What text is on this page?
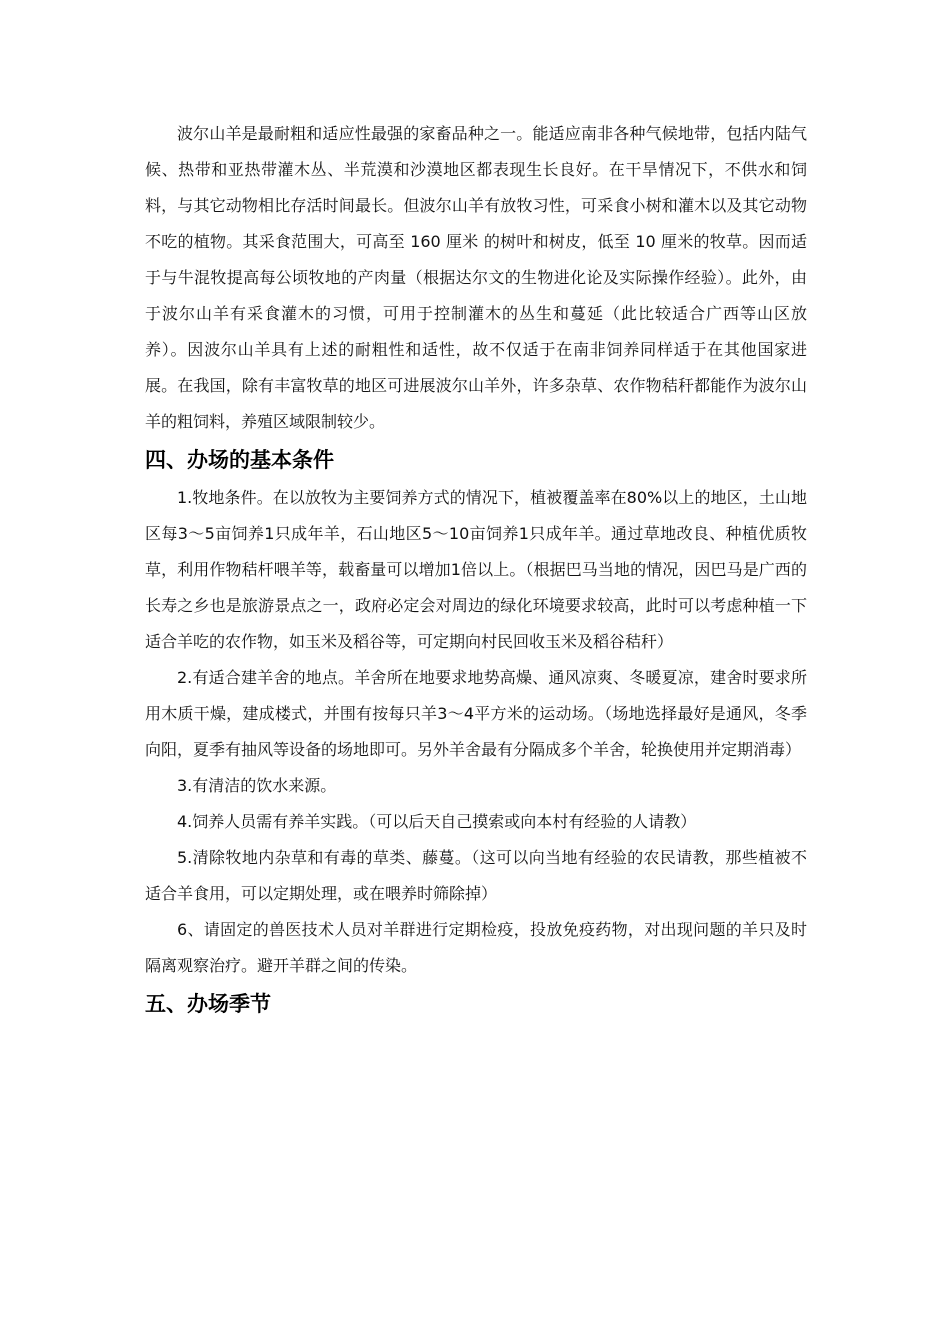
波尔山羊是最耐粗和适应性最强的家畜品种之一。能适应南非各种气候地带，包括内陆气候、热带和亚热带灌木丛、半荒漠和沙漠地区都表现生长良好。在干旱情况下，不供水和饲料，与其它动物相比存活时间最长。但波尔山羊有放牧习性，可采食小树和灌木以及其它动物不吃的植物。其采食范围大，可高至 160 厘米 的树叶和树皮，低至 10 厘米的牧草。因而适于与牛混牧提高每公顷牧地的产肉量（根据达尔文的生物进化论及实际操作经验）。此外，由于波尔山羊有采食灌木的习惯，可用于控制灌木的丛生和蔓延（此比较适合广西等山区放养）。因波尔山羊具有上述的耐粗性和适性，故不仅适于在南非饲养同样适于在其他国家进展。在我国，除有丰富牧草的地区可进展波尔山羊外，许多杂草、农作物秸秆都能作为波尔山羊的粗饲料，养殖区域限制较少。

四、办场的基本条件

1.牧地条件。在以放牧为主要饲养方式的情况下，植被覆盖率在80%以上的地区，土山地区每3～5亩饲养1只成年羊，石山地区5～10亩饲养1只成年羊。通过草地改良、种植优质牧草，利用作物秸杆喂羊等，载畜量可以增加1倍以上。（根据巴马当地的情况，因巴马是广西的长寿之乡也是旅游景点之一，政府必定会对周边的绿化环境要求较高，此时可以考虑种植一下适合羊吃的农作物，如玉米及稻谷等，可定期向村民回收玉米及稻谷秸秆）

2.有适合建羊舍的地点。羊舍所在地要求地势高燥、通风凉爽、冬暖夏凉，建舍时要求所用木质干燥，建成楼式，并围有按每只羊3～4平方米的运动场。（场地选择最好是通风，冬季向阳，夏季有抽风等设备的场地即可。另外羊舍最有分隔成多个羊舍，轮换使用并定期消毒）

3.有清洁的饮水来源。

4.饲养人员需有养羊实践。（可以后天自己摸索或向本村有经验的人请教）

5.清除牧地内杂草和有毒的草类、藤蔓。（这可以向当地有经验的农民请教，那些植被不适合羊食用，可以定期处理，或在喂养时筛除掉）

6、请固定的兽医技术人员对羊群进行定期检疫，投放免疫药物，对出现问题的羊只及时隔离观察治疗。避开羊群之间的传染。

五、办场季节
